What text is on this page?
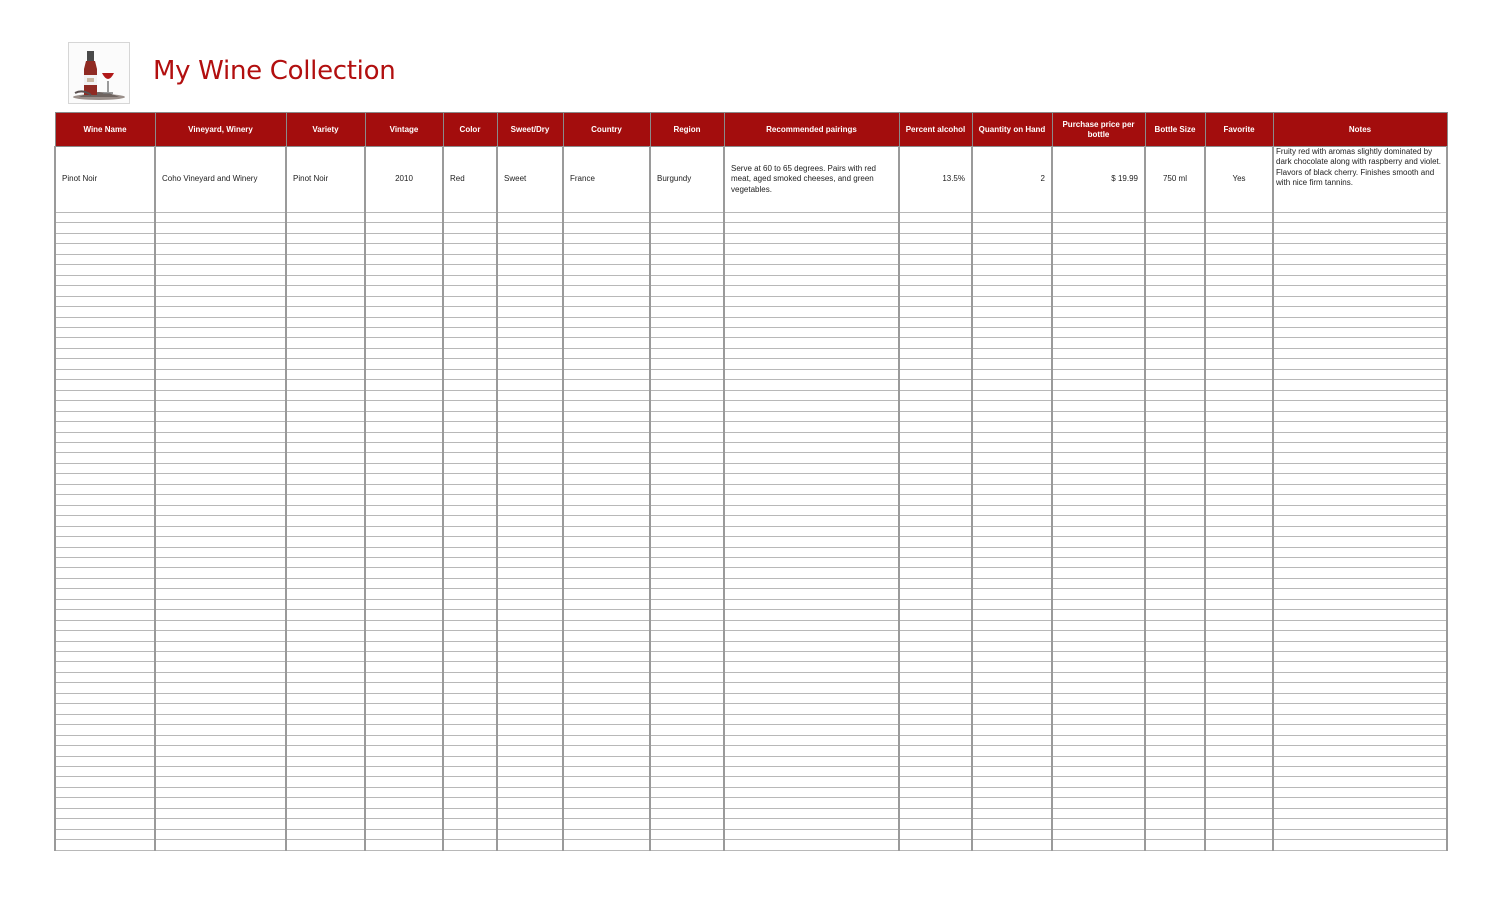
My Wine Collection
Wine Name	Vineyard, Winery	Variety	Vintage	Color	Sweet/Dry	Country	Region	Recommended pairings	Percent alcohol	Quantity on Hand	Purchase price per bottle	Bottle Size	Favorite	Notes
Pinot Noir	Coho Vineyard and Winery	Pinot Noir	2010	Red	Sweet	France	Burgundy	Serve at 60 to 65 degrees. Pairs with red meat, aged smoked cheeses, and green vegetables.	13.5%	2	$ 19.99	750 ml	Yes	Fruity red with aromas slightly dominated by dark chocolate along with raspberry and violet. Flavors of black cherry. Finishes smooth and with nice firm tannins.
